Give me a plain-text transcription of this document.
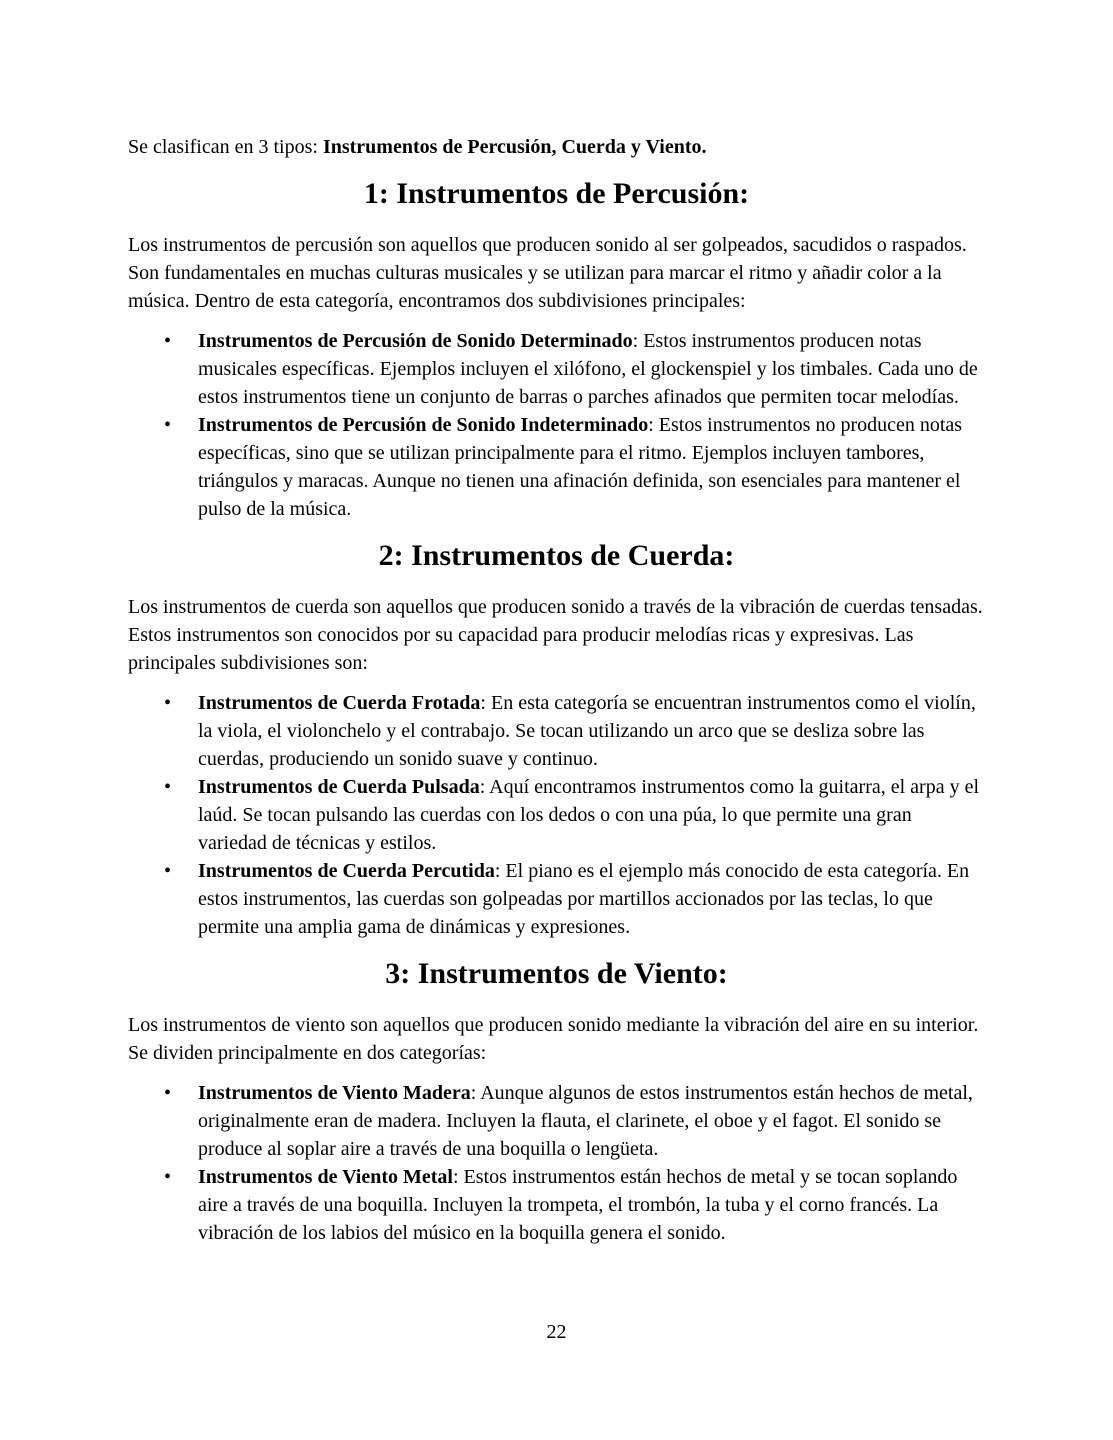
Se clasifican en 3 tipos: Instrumentos de Percusión, Cuerda y Viento.

1: Instrumentos de Percusión:

Los instrumentos de percusión son aquellos que producen sonido al ser golpeados, sacudidos o raspados. Son fundamentales en muchas culturas musicales y se utilizan para marcar el ritmo y añadir color a la música. Dentro de esta categoría, encontramos dos subdivisiones principales:

• Instrumentos de Percusión de Sonido Determinado: Estos instrumentos producen notas musicales específicas. Ejemplos incluyen el xilófono, el glockenspiel y los timbales. Cada uno de estos instrumentos tiene un conjunto de barras o parches afinados que permiten tocar melodías.
• Instrumentos de Percusión de Sonido Indeterminado: Estos instrumentos no producen notas específicas, sino que se utilizan principalmente para el ritmo. Ejemplos incluyen tambores, triángulos y maracas. Aunque no tienen una afinación definida, son esenciales para mantener el pulso de la música.
2: Instrumentos de Cuerda:

Los instrumentos de cuerda son aquellos que producen sonido a través de la vibración de cuerdas tensadas. Estos instrumentos son conocidos por su capacidad para producir melodías ricas y expresivas. Las principales subdivisiones son:

• Instrumentos de Cuerda Frotada: En esta categoría se encuentran instrumentos como el violín, la viola, el violonchelo y el contrabajo. Se tocan utilizando un arco que se desliza sobre las cuerdas, produciendo un sonido suave y continuo.
• Instrumentos de Cuerda Pulsada: Aquí encontramos instrumentos como la guitarra, el arpa y el laúd. Se tocan pulsando las cuerdas con los dedos o con una púa, lo que permite una gran variedad de técnicas y estilos.
• Instrumentos de Cuerda Percutida: El piano es el ejemplo más conocido de esta categoría. En estos instrumentos, las cuerdas son golpeadas por martillos accionados por las teclas, lo que permite una amplia gama de dinámicas y expresiones.
3: Instrumentos de Viento:

Los instrumentos de viento son aquellos que producen sonido mediante la vibración del aire en su interior. Se dividen principalmente en dos categorías:

• Instrumentos de Viento Madera: Aunque algunos de estos instrumentos están hechos de metal, originalmente eran de madera. Incluyen la flauta, el clarinete, el oboe y el fagot. El sonido se produce al soplar aire a través de una boquilla o lengüeta.
• Instrumentos de Viento Metal: Estos instrumentos están hechos de metal y se tocan soplando aire a través de una boquilla. Incluyen la trompeta, el trombón, la tuba y el corno francés. La vibración de los labios del músico en la boquilla genera el sonido.
22
